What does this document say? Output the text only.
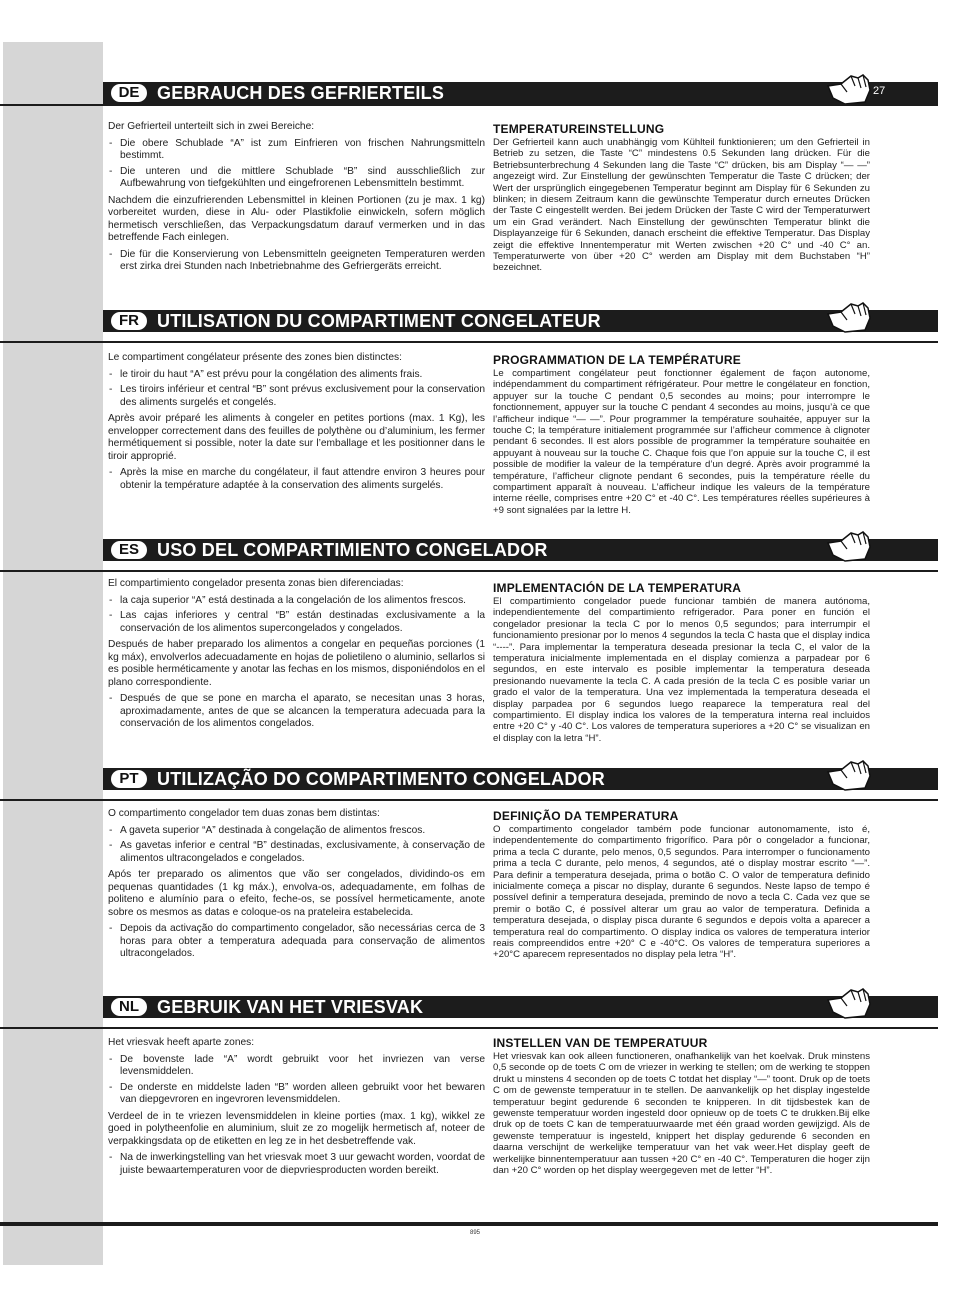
DE GEBRAUCH DES GEFRIERTEILS	27

Der Gefrierteil unterteilt sich in zwei Bereiche:

- Die obere Schublade “A” ist zum Einfrieren von frischen Nahrungsmitteln bestimmt.
- Die unteren und die mittlere Schublade “B” sind ausschließlich zur Aufbewahrung von tiefgekühlten und eingefrorenen Lebensmitteln bestimmt.

Nachdem die einzufrierenden Lebensmittel in kleinen Portionen (zu je max. 1 kg) vorbereitet wurden, diese in Alu- oder Plastikfolie einwickeln, sofern möglich hermetisch verschließen, das Verpackungsdatum darauf vermerken und in das betreffende Fach einlegen.

- Die für die Konservierung von Lebensmitteln geeigneten Temperaturen werden erst zirka drei Stunden nach Inbetriebnahme des Gefriergeräts erreicht.
TEMPERATUREINSTELLUNG

Der Gefrierteil kann auch unabhängig vom Kühlteil funktionieren; um den Gefrierteil in Betrieb zu setzen, die Taste “C” mindestens 0.5 Sekunden lang drücken. Für die Betriebsunterbrechung 4 Sekunden lang die Taste “C” drücken, bis am Display “— —” angezeigt wird. Zur Einstellung der gewünschten Temperatur die Taste C drücken; der Wert der ursprünglich eingegebenen Temperatur beginnt am Display für 6 Sekunden zu blinken; in diesem Zeitraum kann die gewünschte Temperatur durch erneutes Drücken der Taste C eingestellt werden. Bei jedem Drücken der Taste C wird der Temperaturwert um ein Grad verändert. Nach Einstellung der gewünschten Temperatur blinkt die Displayanzeige für 6 Sekunden, danach erscheint die effektive Temperatur. Das Display zeigt die effektive Innentemperatur mit Werten zwischen +20 C° und -40 C° an. Temperaturwerte von über +20 C° werden am Display mit dem Buchstaben “H” bezeichnet.

FR	UTILISATION DU COMPARTIMENT CONGELATEUR

Le compartiment congélateur présente des zones bien distinctes:

- le tiroir du haut “A” est prévu pour la congélation des aliments frais.
- Les tiroirs inférieur et central “B” sont prévus exclusivement pour la conservation des aliments surgelés et congelés.

Après avoir préparé les aliments à congeler en petites portions (max. 1 Kg), les envelopper correctement dans des feuilles de polythène ou d’aluminium, les fermer hermétiquement si possible, noter la date sur l’emballage et les positionner dans le tiroir approprié.

- Après la mise en marche du congélateur, il faut attendre environ 3 heures pour obtenir la température adaptée à la conservation des aliments surgelés.
PROGRAMMATION DE LA TEMPÉRATURE

Le compartiment congélateur peut fonctionner également de façon autonome, indépendamment du compartiment réfrigérateur. Pour mettre le congélateur en fonction, appuyer sur la touche C pendant 0,5 secondes au moins; pour interrompre le fonctionnement, appuyer sur la touche C pendant 4 secondes au moins, jusqu’à ce que l’afficheur indique “— —”. Pour programmer la température souhaitée, appuyer sur la touche C; la température initialement programmée sur l’afficheur commence à clignoter pendant 6 secondes. Il est alors possible de programmer la température souhaitée en appuyant à nouveau sur la touche C. Chaque fois que l’on appuie sur la touche C, il est possible de modifier la valeur de la température d’un degré. Après avoir programmé la température, l’afficheur clignote pendant 6 secondes, puis la température réelle du compartiment apparaît à nouveau. L’afficheur indique les valeurs de la température interne réelle, comprises entre +20 C° et -40 C°. Les températures réelles supérieures à +9 sont signalées par la lettre H.

ES	USO DEL COMPARTIMIENTO CONGELADOR

El compartimiento congelador presenta zonas bien diferenciadas:

- la caja superior “A” está destinada a la congelación de los alimentos frescos.
- Las cajas inferiores y central “B” están destinadas exclusivamente a la conservación de los alimentos supercongelados y congelados.

Después de haber preparado los alimentos a congelar en pequeñas porciones (1 kg máx), envolverlos adecuadamente en hojas de polietileno o aluminio, sellarlos si es posible herméticamente y anotar las fechas en los mismos, disponiéndolos en el plano correspondiente.

- Después de que se pone en marcha el aparato, se necesitan unas 3 horas, aproximadamente, antes de que se alcancen la temperatura adecuada para la conservación de los alimentos congelados.
IMPLEMENTACIÓN DE LA TEMPERATURA

El compartimiento congelador puede funcionar también de manera autónoma, independientemente del compartimiento refrigerador. Para poner en función el congelador presionar la tecla C por lo menos 0,5 segundos; para interrumpir el funcionamiento presionar por lo menos 4 segundos la tecla C hasta que el display indica “----”. Para implementar la temperatura deseada presionar la tecla C, el valor de la temperatura inicialmente implementada en el display comienza a parpadear por 6 segundos, en este intervalo es posible implementar la temperatura deseada presionando nuevamente la tecla C. A cada presión de la tecla C es posible variar un grado el valor de la temperatura. Una vez implementada la temperatura deseada el display parpadea por 6 segundos luego reaparece la temperatura real del compartimiento. El display indica los valores de la temperatura interna real incluidos entre +20 C° y -40 C°. Los valores de temperatura superiores a +20 C° se visualizan en el display con la letra “H”.

PT	UTILIZAÇÃO DO COMPARTIMENTO CONGELADOR

O compartimento congelador tem duas zonas bem distintas:

- A gaveta superior “A” destinada à congelação de alimentos frescos.
- As gavetas inferior e central “B” destinadas, exclusivamente, à conservação de alimentos ultracongelados e congelados.

Após ter preparado os alimentos que vão ser congelados, dividindo-os em pequenas quantidades (1 kg máx.), envolva-os, adequadamente, em folhas de politeno e alumínio para o efeito, feche-os, se possível hermeticamente, anote sobre os mesmos as datas e coloque-os na prateleira estabelecida.

- Depois da activação do compartimento congelador, são necessárias cerca de 3 horas para obter a temperatura adequada para conservação de alimentos ultracongelados.
DEFINIÇÃO DA TEMPERATURA

O compartimento congelador também pode funcionar autonomamente, isto é, independentemente do compartimento frigorífico. Para pôr o congelador a funcionar, prima a tecla C durante, pelo menos, 0,5 segundos. Para interromper o funcionamento prima a tecla C durante, pelo menos, 4 segundos, até o display mostrar escrito “—”. Para definir a temperatura desejada, prima o botão C. O valor de temperatura definido inicialmente começa a piscar no display, durante 6 segundos. Neste lapso de tempo é possível definir a temperatura desejada, premindo de novo a tecla C. Cada vez que se premir o botão C, é possível alterar um grau ao valor de temperatura. Definida a temperatura desejada, o display pisca durante 6 segundos e depois volta a aparecer a temperatura real do compartimento. O display indica os valores de temperatura interior reais compreendidos entre +20° C e -40°C. Os valores de temperatura superiores a +20°C aparecem representados no display pela letra “H”.

NL	GEBRUIK VAN HET VRIESVAK

Het vriesvak heeft aparte zones:

- De bovenste lade “A” wordt gebruikt voor het invriezen van verse levensmiddelen.
- De onderste en middelste laden “B” worden alleen gebruikt voor het bewaren van diepgevroren en ingevroren levensmiddelen.

Verdeel de in te vriezen levensmiddelen in kleine porties (max. 1 kg), wikkel ze goed in polytheenfolie en aluminium, sluit ze zo mogelijk hermetisch af, noteer de verpakkingsdata op de etiketten en leg ze in het desbetreffende vak.

- Na de inwerkingstelling van het vriesvak moet 3 uur gewacht worden, voordat de juiste bewaartemperaturen voor de diepvriesproducten worden bereikt.
INSTELLEN VAN DE TEMPERATUUR

Het vriesvak kan ook alleen functioneren, onafhankelijk van het koelvak. Druk minstens 0,5 seconde op de toets C om de vriezer in werking te stellen; om de werking te stoppen drukt u minstens 4 seconden op de toets C totdat het display “—” toont. Druk op de toets C om de gewenste temperatuur in te stellen. De aanvankelijk op het display ingestelde temperatuur begint gedurende 6 seconden te knipperen. In dit tijdsbestek kan de gewenste temperatuur worden ingesteld door opnieuw op de toets C te drukken.Bij elke druk op de toets C kan de temperatuurwaarde met één graad worden gewijzigd. Als de gewenste temperatuur is ingesteld, knippert het display gedurende 6 seconden en daarna verschijnt de werkelijke temperatuur van het vak weer.Het display geeft de werkelijke binnentemperatuur aan tussen +20 C° en -40 C°. Temperaturen die hoger zijn dan +20 C° worden op het display weergegeven met de letter “H”.

895
